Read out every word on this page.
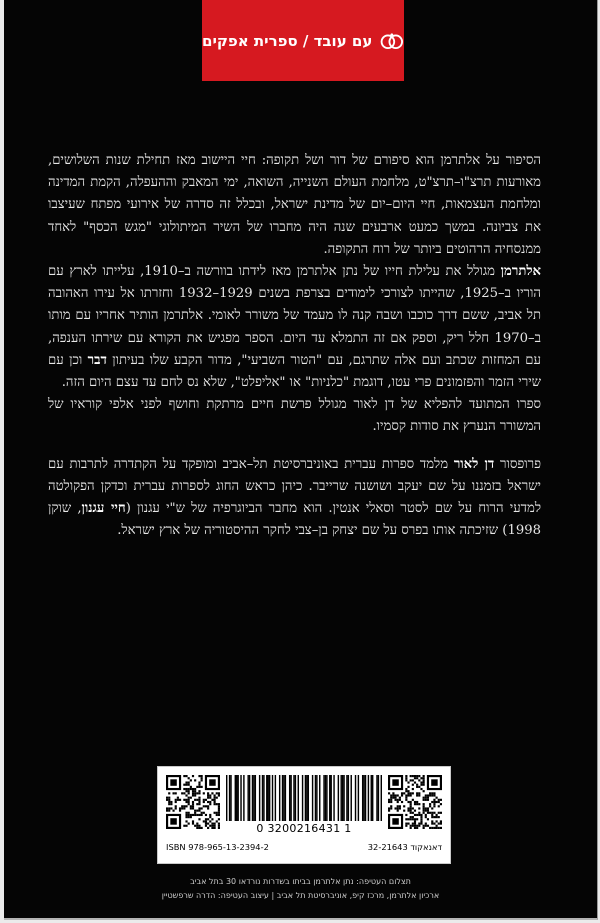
עם עובד / ספרית אפקים

הסיפור על אלתרמן הוא סיפורם של דור ושל תקופה: חיי היישוב מאז תחילת שנות השלושים, מאורעות תרצ"ו–תרצ"ט, מלחמת העולם השנייה, השואה, ימי המאבק וההעפלה, הקמת המדינה ומלחמת העצמאות, חיי היום–יום של מדינת ישראל, ובכלל זה סדרה של אירועי מפתח שעיצבו את צביונה. במשך כמעט ארבעים שנה היה מחברו של השיר המיתולוגי "מגש הכסף" לאחד ממנסחיה הרהוטים ביותר של רוח התקופה.

אלתרמן מגולל את עלילת חייו של נתן אלתרמן מאז לידתו בוורשה ב–1910, עלייתו לארץ עם הוריו ב–1925, שהייתו לצורכי לימודים בצרפת בשנים 1929–1932 וחזרתו אל עירו האהובה תל אביב, ששם דרך כוכבו ושבה קנה לו מעמד של משורר לאומי. אלתרמן הותיר אחריו עם מותו ב–1970 חלל ריק, וספק אם זה התמלא עד היום. הספר מפגיש את הקורא עם שירתו הענפה, עם המחזות שכתב ועם אלה שתרגם, עם "הטור השביעי", מדור הקבע שלו בעיתון דבר וכן עם שירי הזמר והפזמונים פרי עטו, דוגמת "כלניות" או "אליפלט", שלא נס לחם עד עצם היום הזה.

ספרו המתועד להפליא של דן לאור מגולל פרשת חיים מרתקת וחושף לפני אלפי קוראיו של המשורר הנערץ את סודות קסמיו.

פרופסור דן לאור מלמד ספרות עברית באוניברסיטת תל–אביב ומופקד על הקתדרה לתרבות עם ישראל בזמננו על שם יעקב ושושנה שרייבר. כיהן כראש החוג לספרות עברית וכדקן הפקולטה למדעי הרוח על שם לסטר וסאלי אנטין. הוא מחבר הביוגרפיה של ש"י עגנון (חיי עגנון, שוקן 1998) שזיכתה אותו בפרס על שם יצחק בן–צבי לחקר ההיסטוריה של ארץ ישראל.

0 3200216431 1
ISBN 978-965-13-2394-2	דאנאקוד 32-21643
תצלום העטיפה: נתן אלתרמן בביתו בשדרות נורדאו 30 בתל אביב
ארכיון אלתרמן, מרכז קיפ, אוניברסיטת תל אביב | עיצוב העטיפה: הדרה שרפשטיין
